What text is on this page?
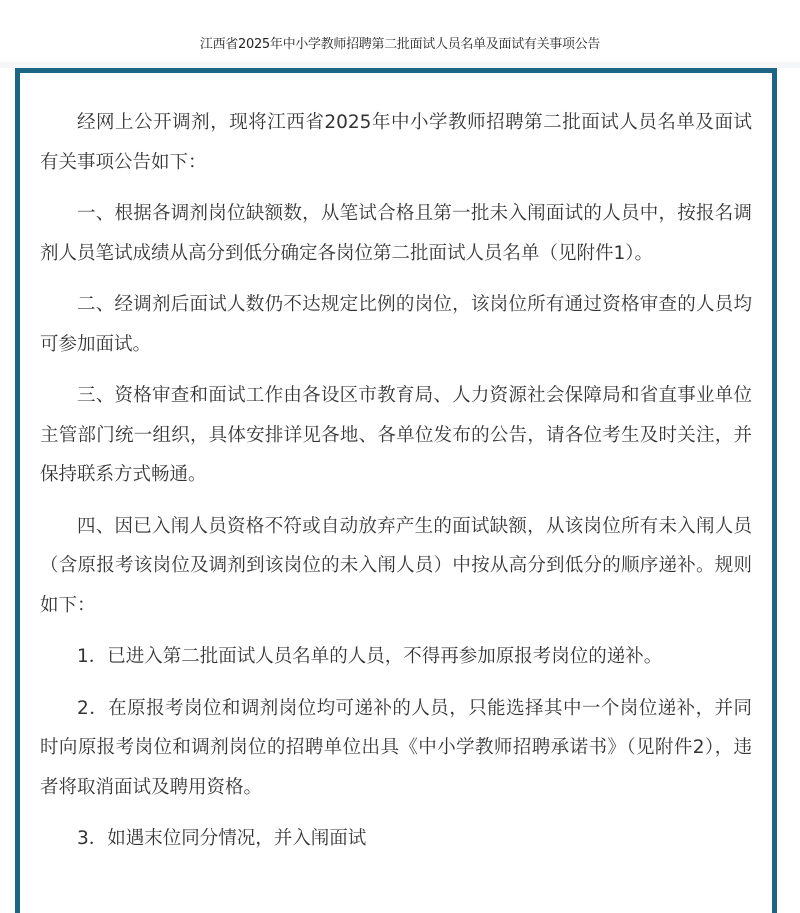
江西省2025年中小学教师招聘第二批面试人员名单及面试有关事项公告

经网上公开调剂，现将江西省2025年中小学教师招聘第二批面试人员名单及面试有关事项公告如下：

一、根据各调剂岗位缺额数，从笔试合格且第一批未入闱面试的人员中，按报名调剂人员笔试成绩从高分到低分确定各岗位第二批面试人员名单（见附件1）。

二、经调剂后面试人数仍不达规定比例的岗位，该岗位所有通过资格审查的人员均可参加面试。

三、资格审查和面试工作由各设区市教育局、人力资源社会保障局和省直事业单位主管部门统一组织，具体安排详见各地、各单位发布的公告，请各位考生及时关注，并保持联系方式畅通。

四、因已入闱人员资格不符或自动放弃产生的面试缺额，从该岗位所有未入闱人员（含原报考该岗位及调剂到该岗位的未入闱人员）中按从高分到低分的顺序递补。规则如下：

1．已进入第二批面试人员名单的人员，不得再参加原报考岗位的递补。

2．在原报考岗位和调剂岗位均可递补的人员，只能选择其中一个岗位递补，并同时向原报考岗位和调剂岗位的招聘单位出具《中小学教师招聘承诺书》（见附件2），违者将取消面试及聘用资格。

3．如遇末位同分情况，并入闱面试
